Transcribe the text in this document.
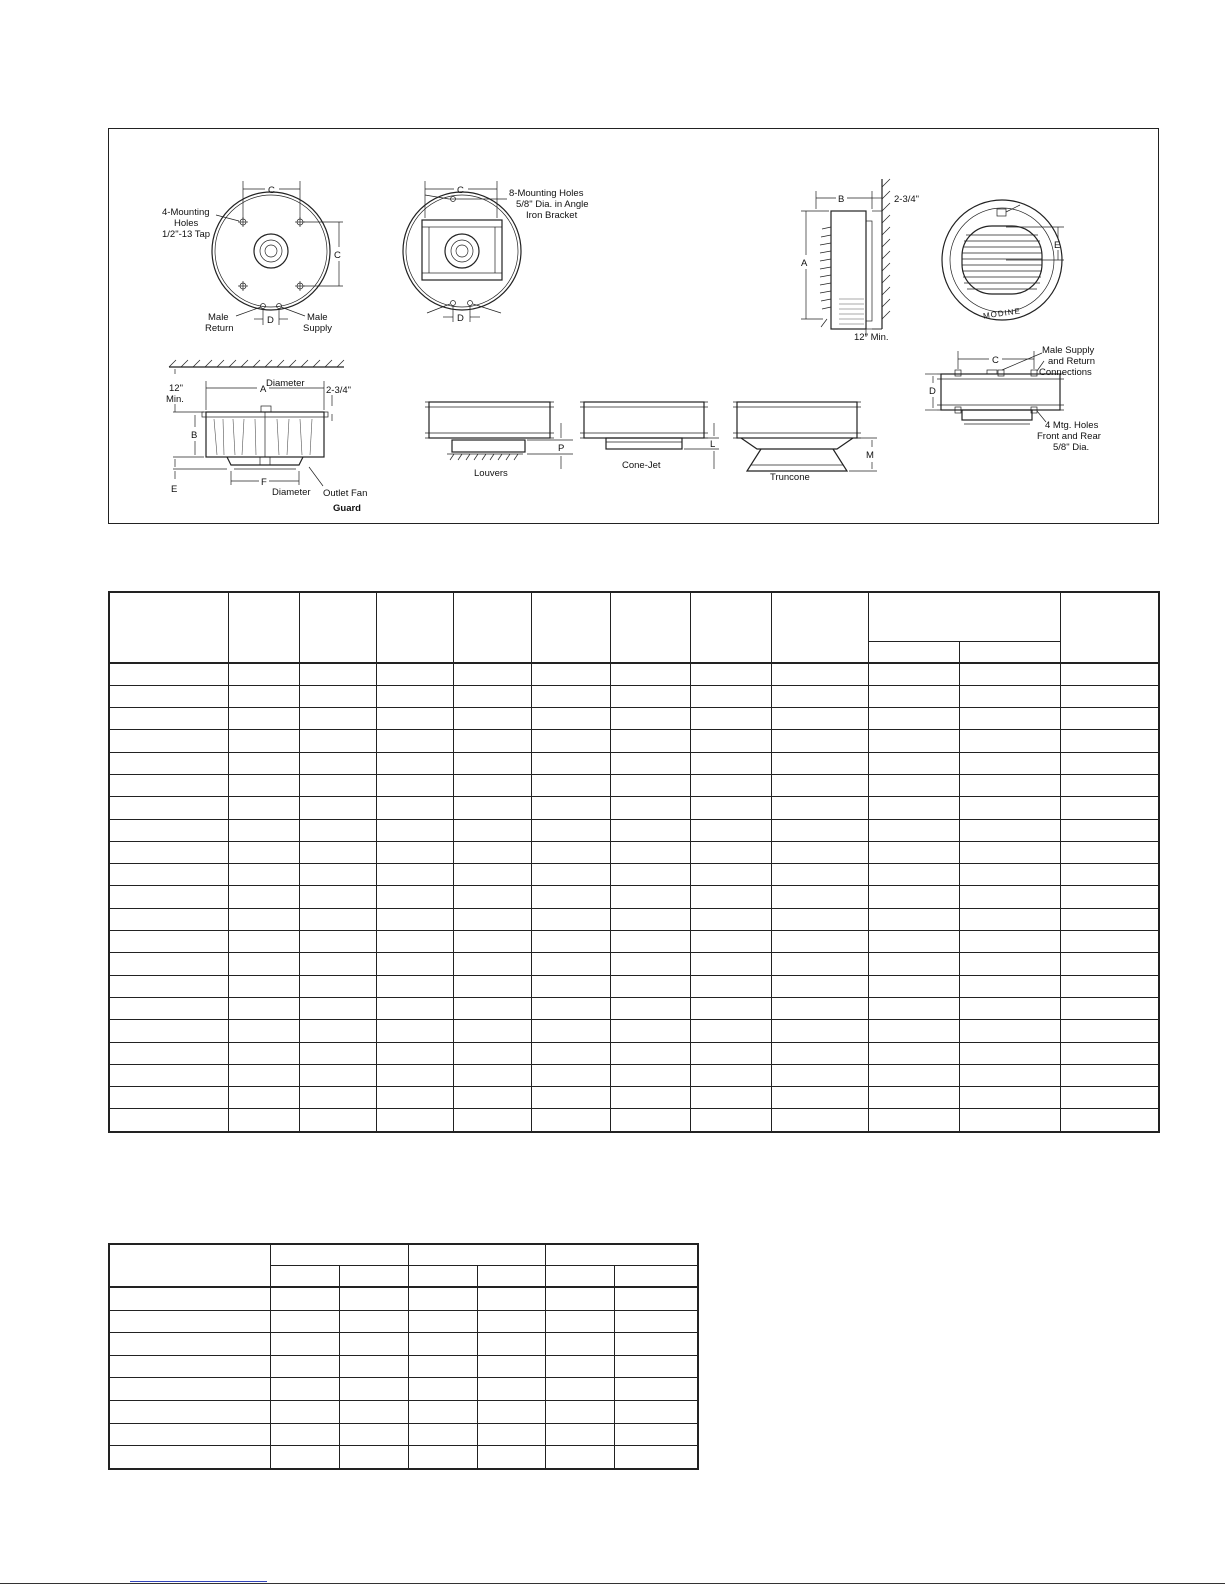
C
C
4-Mounting
Holes
1/2"-13 Tap
D
Male
Return
Male
Supply
C	8-Mounting Holes
5/8" Dia. in Angle
Iron Bracket
D
B	2-3/4"
A
12" Min.
E
MODINE
12"
Min.
A
Diameter
2-3/4"
B
E
F
Diameter Outlet Fan
Guard
Louvers
P
Cone-Jet
L
Truncone
M
C
D
Male Supply
and Return
Connections
4 Mtg. Holes
Front and Rear
5/8" Dia.
